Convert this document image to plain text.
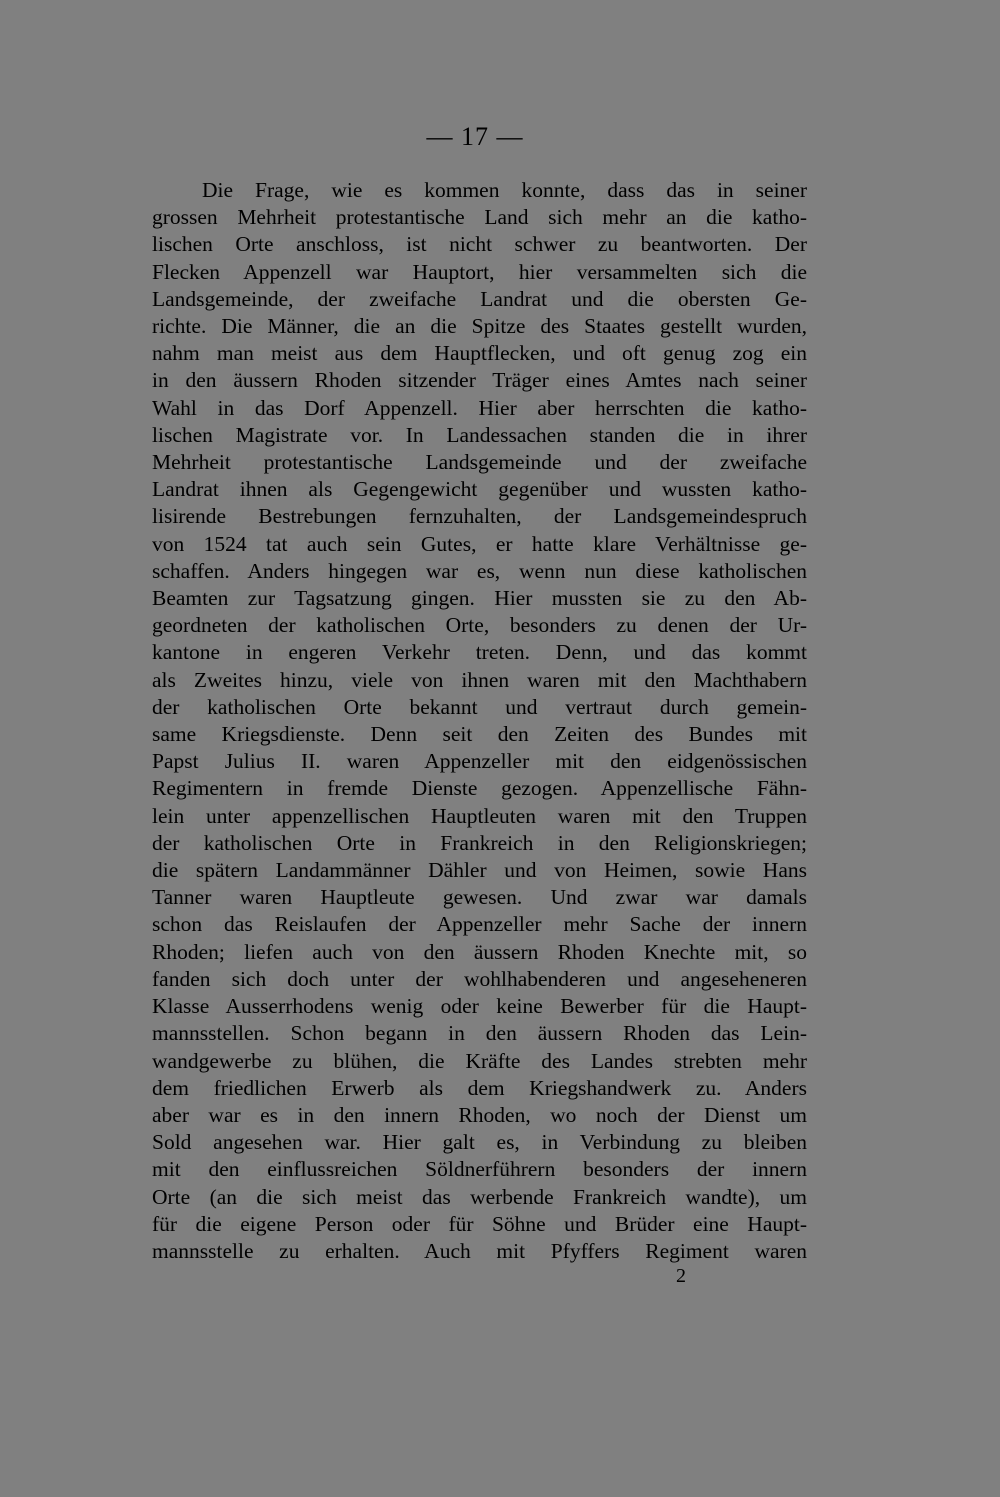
— 17 —
Die Frage, wie es kommen konnte, dass das in seiner
grossen Mehrheit protestantische Land sich mehr an die katho-
lischen Orte anschloss, ist nicht schwer zu beantworten. Der
Flecken Appenzell war Hauptort, hier versammelten sich die
Landsgemeinde, der zweifache Landrat und die obersten Ge-
richte. Die Männer, die an die Spitze des Staates gestellt wurden,
nahm man meist aus dem Hauptflecken, und oft genug zog ein
in den äussern Rhoden sitzender Träger eines Amtes nach seiner
Wahl in das Dorf Appenzell. Hier aber herrschten die katho-
lischen Magistrate vor. In Landessachen standen die in ihrer
Mehrheit protestantische Landsgemeinde und der zweifache
Landrat ihnen als Gegengewicht gegenüber und wussten katho-
lisirende Bestrebungen fernzuhalten, der Landsgemeindespruch
von 1524 tat auch sein Gutes, er hatte klare Verhältnisse ge-
schaffen. Anders hingegen war es, wenn nun diese katholischen
Beamten zur Tagsatzung gingen. Hier mussten sie zu den Ab-
geordneten der katholischen Orte, besonders zu denen der Ur-
kantone in engeren Verkehr treten. Denn, und das kommt
als Zweites hinzu, viele von ihnen waren mit den Machthabern
der katholischen Orte bekannt und vertraut durch gemein-
same Kriegsdienste. Denn seit den Zeiten des Bundes mit
Papst Julius II. waren Appenzeller mit den eidgenössischen
Regimentern in fremde Dienste gezogen. Appenzellische Fähn-
lein unter appenzellischen Hauptleuten waren mit den Truppen
der katholischen Orte in Frankreich in den Religionskriegen;
die spätern Landammänner Dähler und von Heimen, sowie Hans
Tanner waren Hauptleute gewesen. Und zwar war damals
schon das Reislaufen der Appenzeller mehr Sache der innern
Rhoden; liefen auch von den äussern Rhoden Knechte mit, so
fanden sich doch unter der wohlhabenderen und angeseheneren
Klasse Ausserrhodens wenig oder keine Bewerber für die Haupt-
mannsstellen. Schon begann in den äussern Rhoden das Lein-
wandgewerbe zu blühen, die Kräfte des Landes strebten mehr
dem friedlichen Erwerb als dem Kriegshandwerk zu. Anders
aber war es in den innern Rhoden, wo noch der Dienst um
Sold angesehen war. Hier galt es, in Verbindung zu bleiben
mit den einflussreichen Söldnerführern besonders der innern
Orte (an die sich meist das werbende Frankreich wandte), um
für die eigene Person oder für Söhne und Brüder eine Haupt-
mannsstelle zu erhalten. Auch mit Pfyffers Regiment waren
2
